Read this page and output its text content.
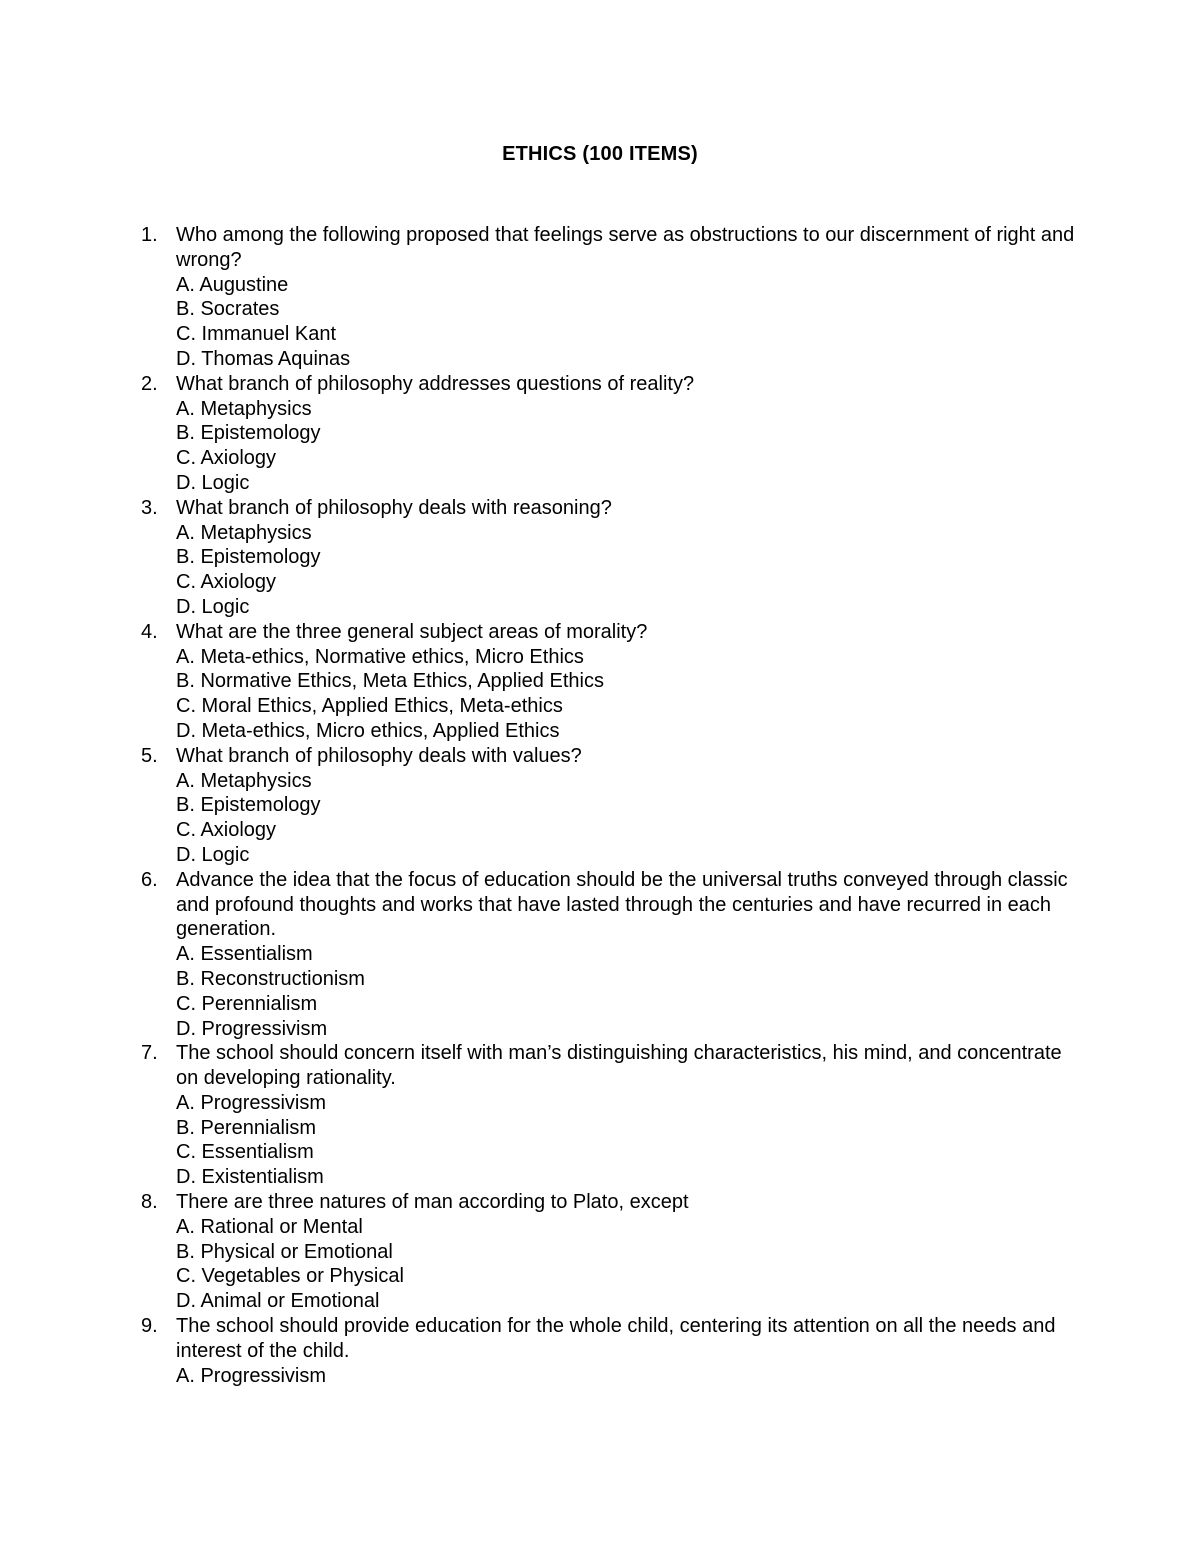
ETHICS (100 ITEMS)
1. Who among the following proposed that feelings serve as obstructions to our discernment of right and wrong?
A. Augustine
B. Socrates
C. Immanuel Kant
D. Thomas Aquinas
2. What branch of philosophy addresses questions of reality?
A. Metaphysics
B. Epistemology
C. Axiology
D. Logic
3. What branch of philosophy deals with reasoning?
A. Metaphysics
B. Epistemology
C. Axiology
D. Logic
4. What are the three general subject areas of morality?
A. Meta-ethics, Normative ethics, Micro Ethics
B. Normative Ethics, Meta Ethics, Applied Ethics
C. Moral Ethics, Applied Ethics, Meta-ethics
D. Meta-ethics, Micro ethics, Applied Ethics
5. What branch of philosophy deals with values?
A. Metaphysics
B. Epistemology
C. Axiology
D. Logic
6. Advance the idea that the focus of education should be the universal truths conveyed through classic and profound thoughts and works that have lasted through the centuries and have recurred in each generation.
A. Essentialism
B. Reconstructionism
C. Perennialism
D. Progressivism
7. The school should concern itself with man’s distinguishing characteristics, his mind, and concentrate on developing rationality.
A. Progressivism
B. Perennialism
C. Essentialism
D. Existentialism
8. There are three natures of man according to Plato, except
A. Rational or Mental
B. Physical or Emotional
C. Vegetables or Physical
D. Animal or Emotional
9. The school should provide education for the whole child, centering its attention on all the needs and interest of the child.
A. Progressivism
